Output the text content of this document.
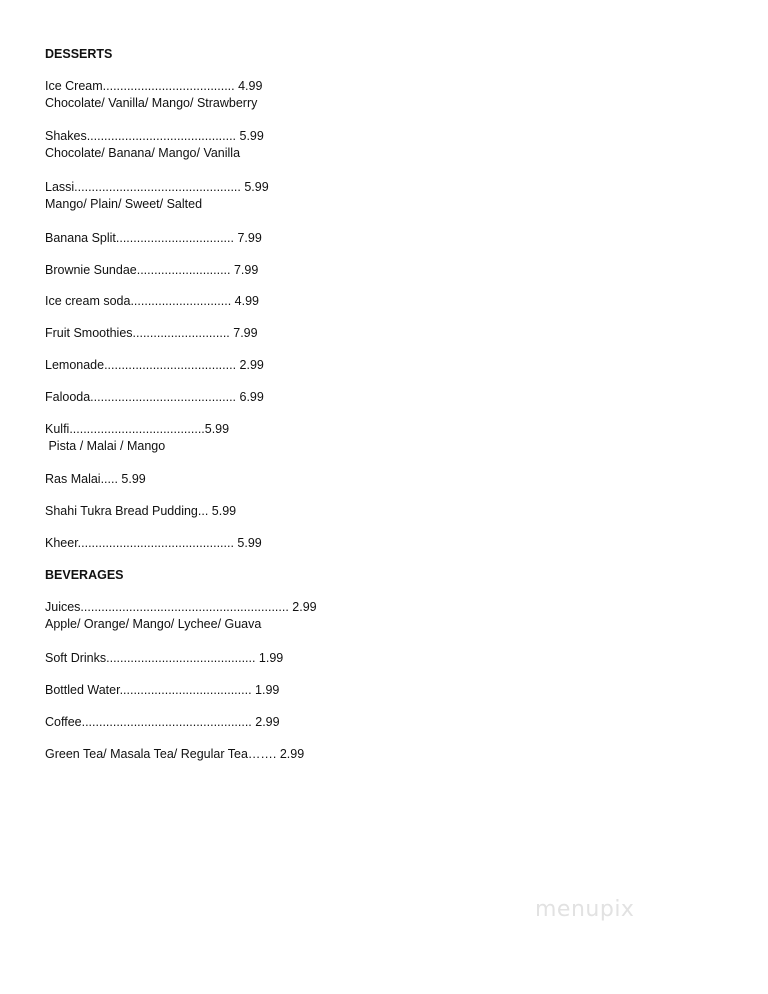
DESSERTS
Ice Cream...................................... 4.99
Chocolate/ Vanilla/ Mango/ Strawberry
Shakes........................................... 5.99
Chocolate/ Banana/ Mango/ Vanilla
Lassi................................................ 5.99
Mango/ Plain/ Sweet/ Salted
Banana Split.................................. 7.99
Brownie Sundae........................... 7.99
Ice cream soda............................. 4.99
Fruit Smoothies............................ 7.99
Lemonade...................................... 2.99
Falooda.......................................... 6.99
Kulfi.......................................5.99
Pista / Malai / Mango
Ras Malai..... 5.99
Shahi Tukra Bread Pudding... 5.99
Kheer............................................. 5.99
BEVERAGES
Juices............................................................ 2.99
Apple/ Orange/ Mango/ Lychee/ Guava
Soft Drinks........................................... 1.99
Bottled Water...................................... 1.99
Coffee................................................. 2.99
Green Tea/ Masala Tea/ Regular Tea……. 2.99
menupix
